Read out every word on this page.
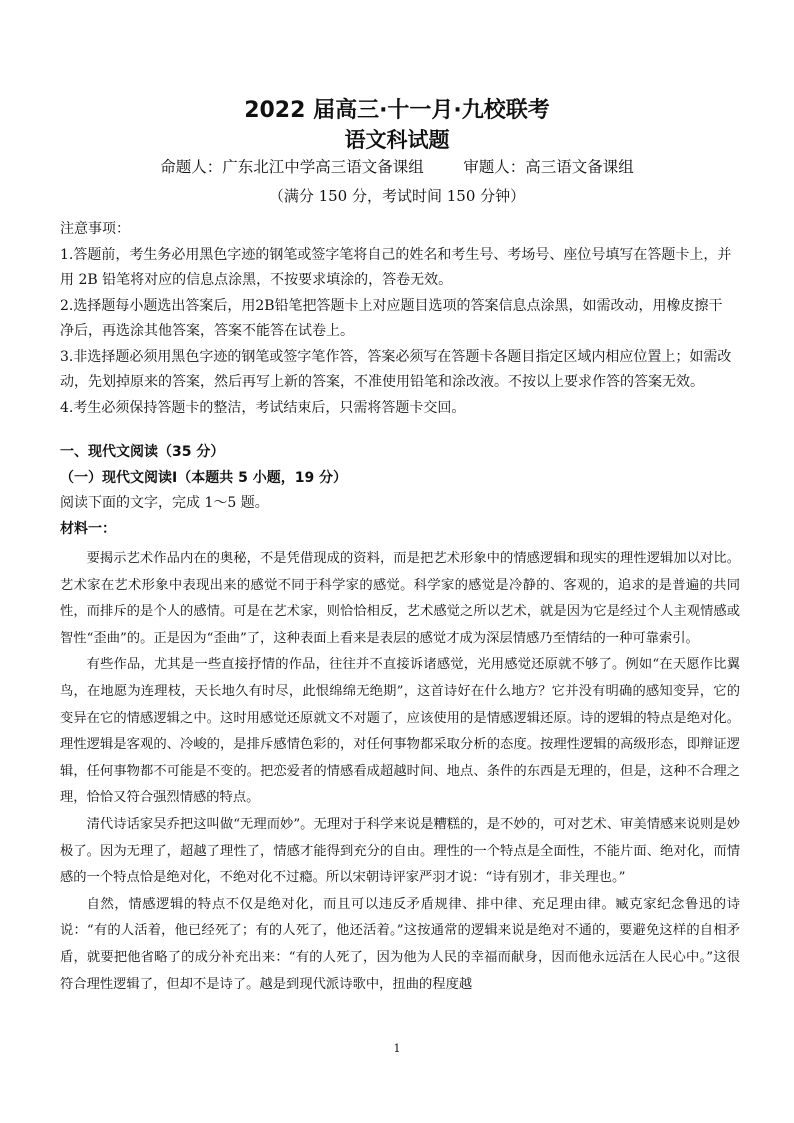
2022 届高三·十一月·九校联考

语文科试题

命题人：广东北江中学高三语文备课组        审题人：高三语文备课组
（满分 150 分，考试时间 150 分钟）

注意事项：

1.答题前，考生务必用黑色字迹的钢笔或签字笔将自己的姓名和考生号、考场号、座位号填写在答题卡上，并用 2B 铅笔将对应的信息点涂黑，不按要求填涂的，答卷无效。

2.选择题每小题选出答案后，用2B铅笔把答题卡上对应题目选项的答案信息点涂黑，如需改动，用橡皮擦干净后，再选涂其他答案，答案不能答在试卷上。

3.非选择题必须用黑色字迹的钢笔或签字笔作答，答案必须写在答题卡各题目指定区域内相应位置上；如需改动，先划掉原来的答案，然后再写上新的答案，不准使用铅笔和涂改液。不按以上要求作答的答案无效。

4.考生必须保持答题卡的整洁，考试结束后，只需将答题卡交回。

一、现代文阅读（35 分）

（一）现代文阅读Ⅰ（本题共 5 小题，19 分）

阅读下面的文字，完成 1～5 题。

材料一：

要揭示艺术作品内在的奥秘，不是凭借现成的资料，而是把艺术形象中的情感逻辑和现实的理性逻辑加以对比。艺术家在艺术形象中表现出来的感觉不同于科学家的感觉。科学家的感觉是冷静的、客观的，追求的是普遍的共同性，而排斥的是个人的感情。可是在艺术家，则恰恰相反，艺术感觉之所以艺术，就是因为它是经过个人主观情感或智性“歪曲”的。正是因为“歪曲”了，这种表面上看来是表层的感觉才成为深层情感乃至情结的一种可靠索引。

有些作品，尤其是一些直接抒情的作品，往往并不直接诉诸感觉，光用感觉还原就不够了。例如“在天愿作比翼鸟，在地愿为连理枝，天长地久有时尽，此恨绵绵无绝期”，这首诗好在什么地方？它并没有明确的感知变异，它的变异在它的情感逻辑之中。这时用感觉还原就文不对题了，应该使用的是情感逻辑还原。诗的逻辑的特点是绝对化。理性逻辑是客观的、冷峻的，是排斥感情色彩的，对任何事物都采取分析的态度。按理性逻辑的高级形态，即辩证逻辑，任何事物都不可能是不变的。把恋爱者的情感看成超越时间、地点、条件的东西是无理的，但是，这种不合理之理，恰恰又符合强烈情感的特点。

清代诗话家吴乔把这叫做“无理而妙”。无理对于科学来说是糟糕的，是不妙的，可对艺术、审美情感来说则是妙极了。因为无理了，超越了理性了，情感才能得到充分的自由。理性的一个特点是全面性，不能片面、绝对化，而情感的一个特点恰是绝对化，不绝对化不过瘾。所以宋朝诗评家严羽才说：“诗有别才，非关理也。”

自然，情感逻辑的特点不仅是绝对化，而且可以违反矛盾规律、排中律、充足理由律。臧克家纪念鲁迅的诗说：“有的人活着，他已经死了；有的人死了，他还活着。”这按通常的逻辑来说是绝对不通的，要避免这样的自相矛盾，就要把他省略了的成分补充出来：“有的人死了，因为他为人民的幸福而献身，因而他永远活在人民心中。”这很符合理性逻辑了，但却不是诗了。越是到现代派诗歌中，扭曲的程度越

1
